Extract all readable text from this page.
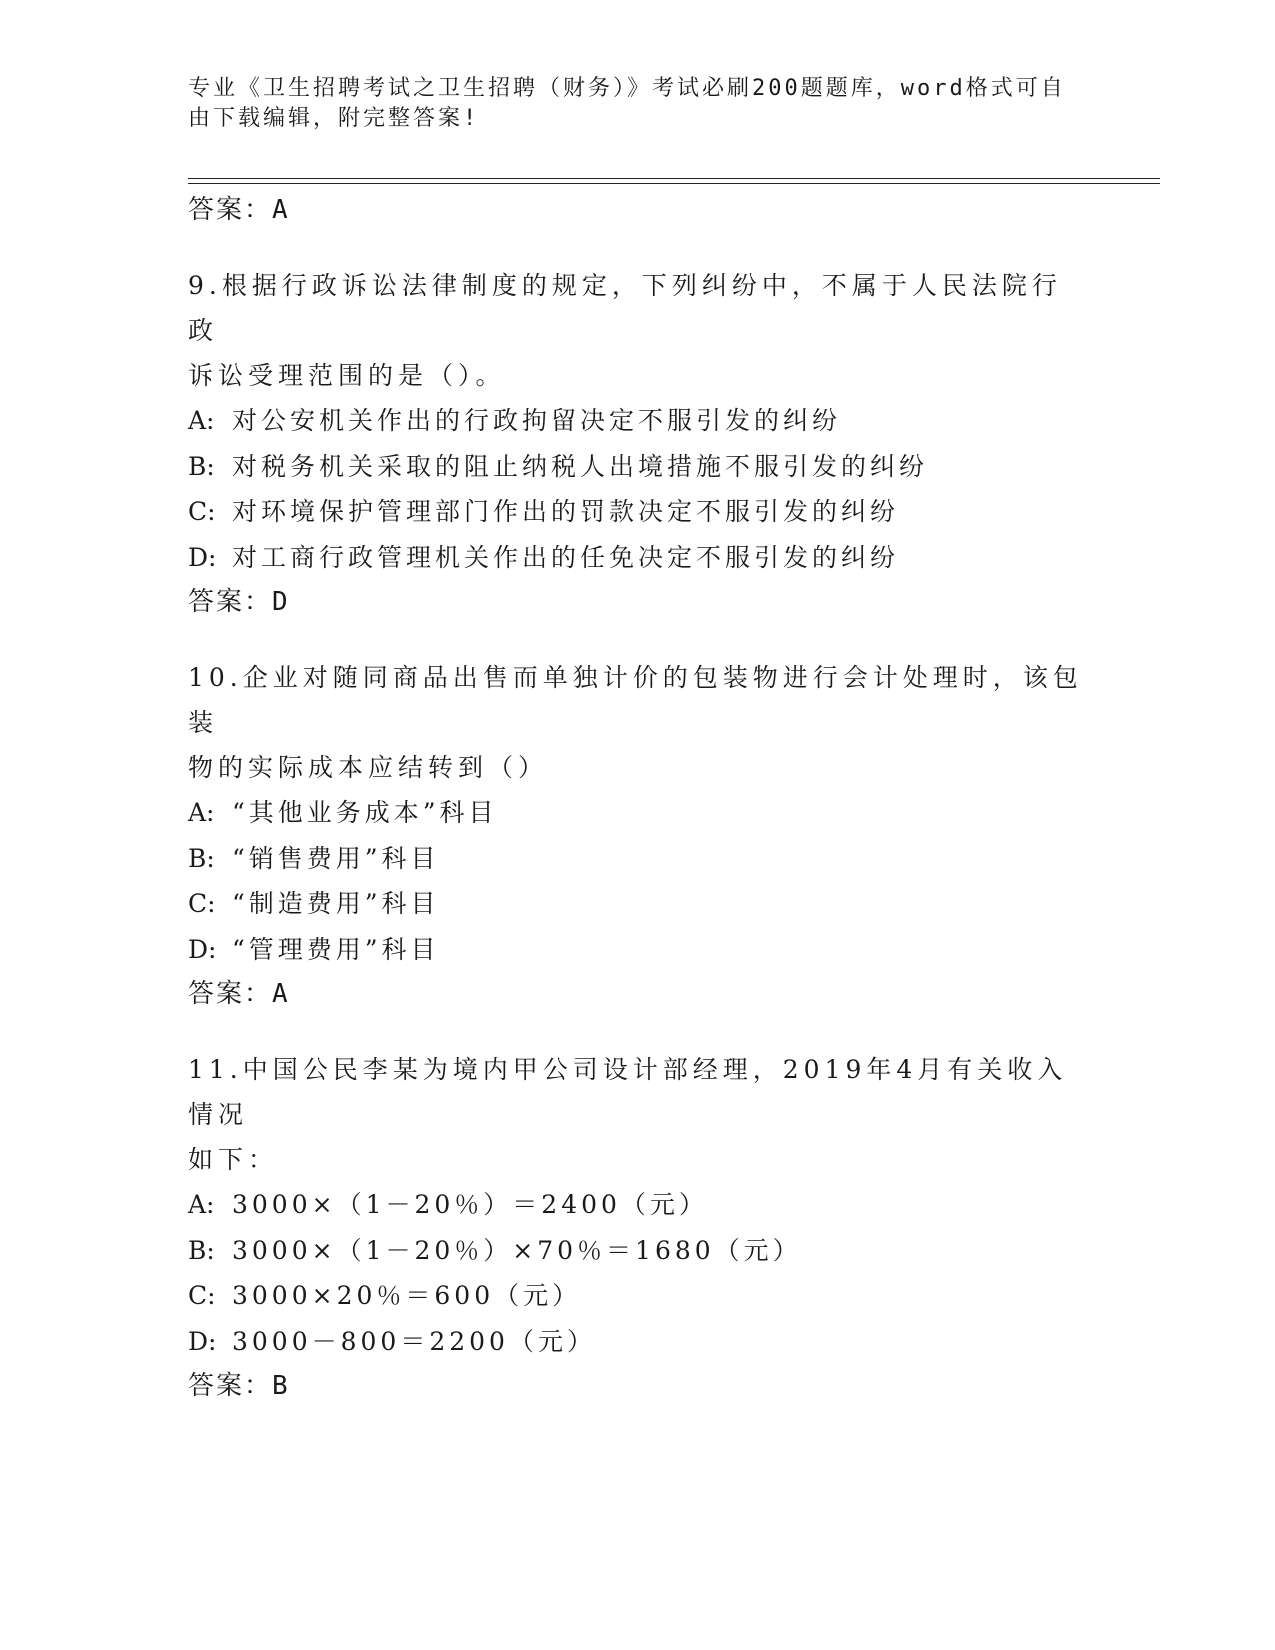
专业《卫生招聘考试之卫生招聘（财务）》考试必刷200题题库，word格式可自
由下载编辑，附完整答案!
答案：A
9.根据行政诉讼法律制度的规定，下列纠纷中，不属于人民法院行政
诉讼受理范围的是（）。
A: 对公安机关作出的行政拘留决定不服引发的纠纷
B: 对税务机关采取的阻止纳税人出境措施不服引发的纠纷
C: 对环境保护管理部门作出的罚款决定不服引发的纠纷
D: 对工商行政管理机关作出的任免决定不服引发的纠纷
答案：D
10.企业对随同商品出售而单独计价的包装物进行会计处理时，该包装
物的实际成本应结转到（）
A: “其他业务成本”科目
B: “销售费用”科目
C: “制造费用”科目
D: “管理费用”科目
答案：A
11.中国公民李某为境内甲公司设计部经理，2019年4月有关收入情况
如下：
A: 3000×（1－20％）＝2400（元）
B: 3000×（1－20％）×70％＝1680（元）
C: 3000×20％＝600（元）
D: 3000－800＝2200（元）
答案：B
